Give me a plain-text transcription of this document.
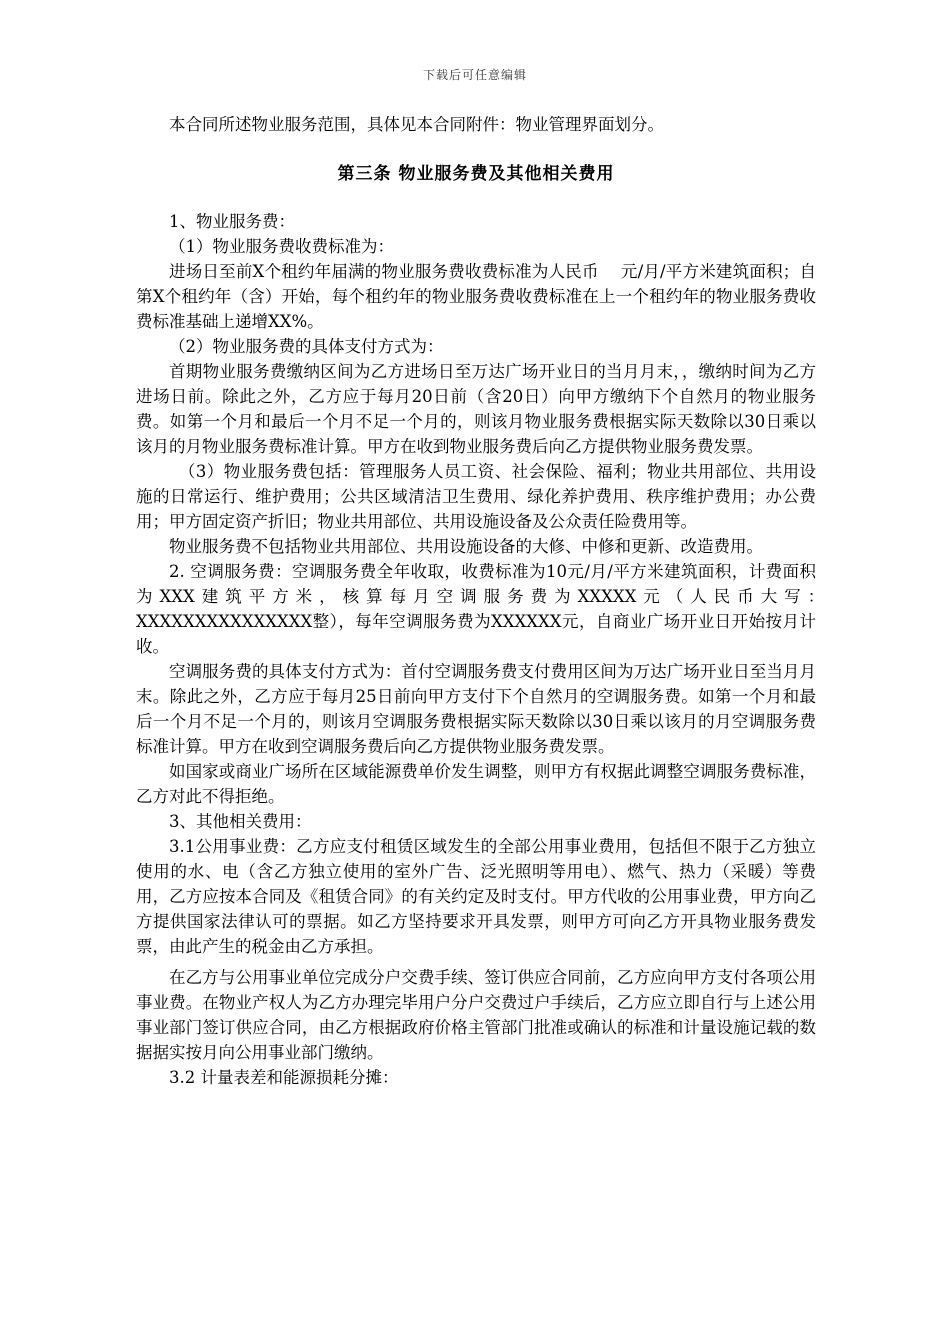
下载后可任意编辑

本合同所述物业服务范围，具体见本合同附件：物业管理界面划分。

第三条 物业服务费及其他相关费用

1、物业服务费：

（1）物业服务费收费标准为：

进场日至前X个租约年届满的物业服务费收费标准为人民币　 元/月/平方米建筑面积；自第X个租约年（含）开始，每个租约年的物业服务费收费标准在上一个租约年的物业服务费收费标准基础上递增XX%。

（2）物业服务费的具体支付方式为：

首期物业服务费缴纳区间为乙方进场日至万达广场开业日的当月月末，，缴纳时间为乙方进场日前。除此之外，乙方应于每月20日前（含20日）向甲方缴纳下个自然月的物业服务费。如第一个月和最后一个月不足一个月的，则该月物业服务费根据实际天数除以30日乘以该月的月物业服务费标准计算。甲方在收到物业服务费后向乙方提供物业服务费发票。

（3）物业服务费包括：管理服务人员工资、社会保险、福利；物业共用部位、共用设施的日常运行、维护费用；公共区域清洁卫生费用、绿化养护费用、秩序维护费用；办公费用；甲方固定资产折旧；物业共用部位、共用设施设备及公众责任险费用等。

物业服务费不包括物业共用部位、共用设施设备的大修、中修和更新、改造费用。

2. 空调服务费：空调服务费全年收取，收费标准为10元/月/平方米建筑面积，计费面积为XXX建筑平方米，核算每月空调服务费为XXXXX元（人民币大写：　　　　XXXXXXXXXXXXXXX整），每年空调服务费为XXXXXX元，自商业广场开业日开始按月计收。

空调服务费的具体支付方式为：首付空调服务费支付费用区间为万达广场开业日至当月月末。除此之外，乙方应于每月25日前向甲方支付下个自然月的空调服务费。如第一个月和最后一个月不足一个月的，则该月空调服务费根据实际天数除以30日乘以该月的月空调服务费标准计算。甲方在收到空调服务费后向乙方提供物业服务费发票。

如国家或商业广场所在区域能源费单价发生调整，则甲方有权据此调整空调服务费标准，乙方对此不得拒绝。

3、其他相关费用：

3.1公用事业费：乙方应支付租赁区域发生的全部公用事业费用，包括但不限于乙方独立使用的水、电（含乙方独立使用的室外广告、泛光照明等用电）、燃气、热力（采暖）等费用，乙方应按本合同及《租赁合同》的有关约定及时支付。甲方代收的公用事业费，甲方向乙方提供国家法律认可的票据。如乙方坚持要求开具发票，则甲方可向乙方开具物业服务费发票，由此产生的税金由乙方承担。

在乙方与公用事业单位完成分户交费手续、签订供应合同前，乙方应向甲方支付各项公用事业费。在物业产权人为乙方办理完毕用户分户交费过户手续后，乙方应立即自行与上述公用事业部门签订供应合同，由乙方根据政府价格主管部门批准或确认的标准和计量设施记载的数据据实按月向公用事业部门缴纳。

3.2 计量表差和能源损耗分摊：
